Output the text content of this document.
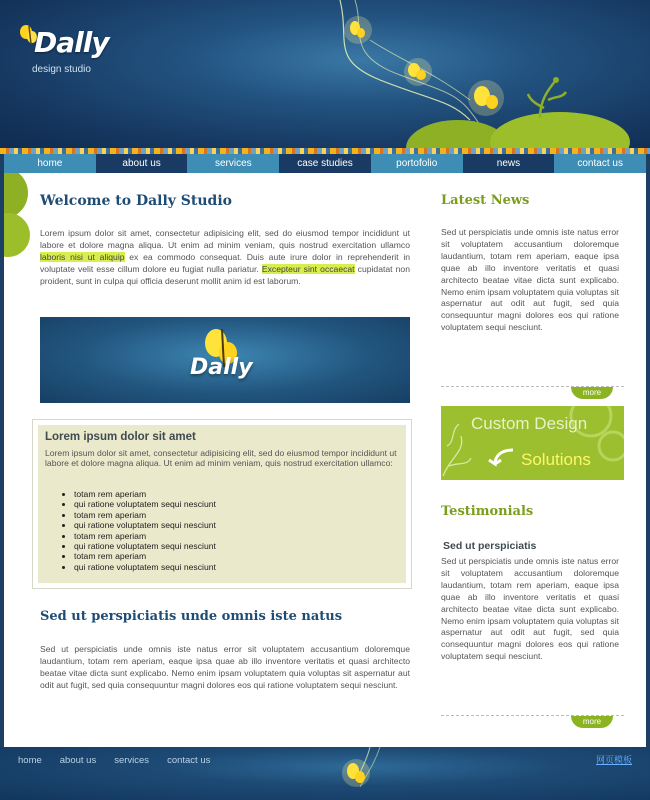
Dally
design studio
home	about us	services	case studies	portofolio	news	contact us
Welcome to Dally Studio
Lorem ipsum dolor sit amet, consectetur adipisicing elit, sed do eiusmod tempor incididunt ut labore et dolore magna aliqua. Ut enim ad minim veniam, quis nostrud exercitation ullamco laboris nisi ut aliquip ex ea commodo consequat. Duis aute irure dolor in reprehenderit in voluptate velit esse cillum dolore eu fugiat nulla pariatur. Excepteur sint occaecat cupidatat non proident, sunt in culpa qui officia deserunt mollit anim id est laborum.
Dally
Lorem ipsum dolor sit amet
Lorem ipsum dolor sit amet, consectetur adipisicing elit, sed do eiusmod tempor incididunt ut labore et dolore magna aliqua. Ut enim ad minim veniam, quis nostrud exercitation ullamco:
• totam rem aperiam
• qui ratione voluptatem sequi nesciunt
• totam rem aperiam
• qui ratione voluptatem sequi nesciunt
• totam rem aperiam
• qui ratione voluptatem sequi nesciunt
• totam rem aperiam
• qui ratione voluptatem sequi nesciunt
Sed ut perspiciatis unde omnis iste natus
Sed ut perspiciatis unde omnis iste natus error sit voluptatem accusantium doloremque laudantium, totam rem aperiam, eaque ipsa quae ab illo inventore veritatis et quasi architecto beatae vitae dicta sunt explicabo. Nemo enim ipsam voluptatem quia voluptas sit aspernatur aut odit aut fugit, sed quia consequuntur magni dolores eos qui ratione voluptatem sequi nesciunt.
Latest News
Sed ut perspiciatis unde omnis iste natus error sit voluptatem accusantium doloremque laudantium, totam rem aperiam, eaque ipsa quae ab illo inventore veritatis et quasi architecto beatae vitae dicta sunt explicabo. Nemo enim ipsam voluptatem quia voluptas sit aspernatur aut odit aut fugit, sed quia consequuntur magni dolores eos qui ratione voluptatem sequi nesciunt.
more
Custom Design
Solutions
Testimonials
Sed ut perspiciatis
Sed ut perspiciatis unde omnis iste natus error sit voluptatem accusantium doloremque laudantium, totam rem aperiam, eaque ipsa quae ab illo inventore veritatis et quasi architecto beatae vitae dicta sunt explicabo. Nemo enim ipsam voluptatem quia voluptas sit aspernatur aut odit aut fugit, sed quia consequuntur magni dolores eos qui ratione voluptatem sequi nesciunt.
more
home about us services contact us	网页模板
